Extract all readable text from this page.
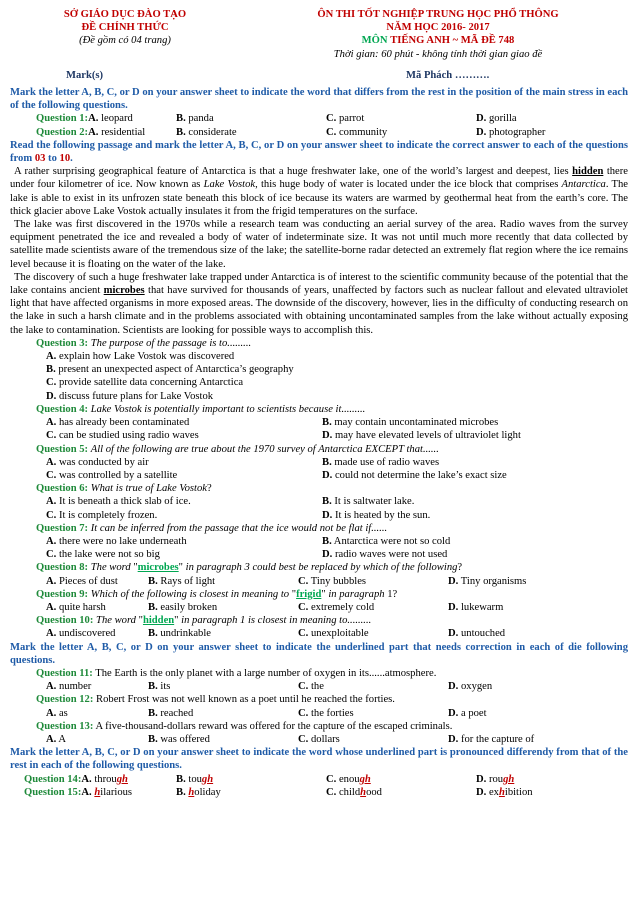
SỞ GIÁO DỤC ĐÀO TẠO
ĐỀ CHÍNH THỨC
(Đề gồm có 04 trang)
ÔN THI TỐT NGHIỆP TRUNG HỌC PHỔ THÔNG
NĂM HỌC 2016- 2017
MÔN TIẾNG ANH ~ MÃ ĐỀ 748
Thời gian: 60 phút - không tính thời gian giao đề
Mark(s)	Mã Phách ……….
Mark the letter A, B, C, or D on your answer sheet to indicate the word that differs from the rest in the position of the main stress in each of the following questions.
Question 1:A. leopard	B. panda	C. parrot	D. gorilla
Question 2:A. residential	B. considerate	C. community	D. photographer
Read the following passage and mark the letter A, B, C, or D on your answer sheet to indicate the correct answer to each of the questions from 03 to 10.
A rather surprising geographical feature of Antarctica is that a huge freshwater lake, one of the world’s largest and deepest, lies hidden there under four kilometrer of ice. Now known as Lake Vostok, this huge body of water is located under the ice block that comprises Antarctica. The lake is able to exist in its unfrozen state beneath this block of ice because its waters are warmed by geothermal heat from the earth’s core. The thick glacier above Lake Vostok actually insulates it from the frigid temperatures on the surface.
The lake was first discovered in the 1970s while a research team was conducting an aerial survey of the area. Radio waves from the survey equipment penetrated the ice and revealed a body of water of indeterminate size. It was not until much more recently that data collected by satellite made scientists aware of the tremendous size of the lake; the satellite-borne radar detected an extremely flat region where the ice remains level because it is floating on the water of the lake.
The discovery of such a huge freshwater lake trapped under Antarctica is of interest to the scientific community because of the potential that the lake contains ancient microbes that have survived for thousands of years, unaffected by factors such as nuclear fallout and elevated ultraviolet light that have affected organisms in more exposed areas. The downside of the discovery, however, lies in the difficulty of conducting research on the lake in such a harsh climate and in the problems associated with obtaining uncontaminated samples from the lake without actually exposing the lake to contamination. Scientists are looking for possible ways to accomplish this.
Question 3: The purpose of the passage is to.........
A. explain how Lake Vostok was discovered
B. present an unexpected aspect of Antarctica’s geography
C. provide satellite data concerning Antarctica
D. discuss future plans for Lake Vostok
Question 4: Lake Vostok is potentially important to scientists because it.........
A. has already been contaminated	B. may contain uncontaminated microbes
C. can be studied using radio waves	D. may have elevated levels of ultraviolet light
Question 5: All of the following are true about the 1970 survey of Antarctica EXCEPT that......
A. was conducted by air	B. made use of radio waves
C. was controlled by a satellite	D. could not determine the lake’s exact size
Question 6: What is true of Lake Vostok?
A. It is beneath a thick slab of ice.	B. It is saltwater lake.
C. It is completely frozen.	D. It is heated by the sun.
Question 7: It can be inferred from the passage that the ice would not be flat if......
A. there were no lake underneath	B. Antarctica were not so cold
C. the lake were not so big	D. radio waves were not used
Question 8: The word "microbes" in paragraph 3 could best be replaced by which of the following?
A. Pieces of dust	B. Rays of light	C. Tiny bubbles	D. Tiny organisms
Question 9: Which of the following is closest in meaning to "frigid" in paragraph 1?
A. quite harsh	B. easily broken	C. extremely cold	D. lukewarm
Question 10: The word "hidden" in paragraph 1 is closest in meaning to.........
A. undiscovered	B. undrinkable	C. unexploitable	D. untouched
Mark the letter A, B, C, or D on your answer sheet to indicate the underlined part that needs correction in each of die following questions.
Question 11: The Earth is the only planet with a large number of oxygen in its......atmosphere.
A. number	B. its	C. the	D. oxygen
Question 12: Robert Frost was not well known as a poet until he reached the forties.
A. as	B. reached	C. the forties	D. a poet
Question 13: A five-thousand-dollars reward was offered for the capture of the escaped criminals.
A. A	B. was offered	C. dollars	D. for the capture of
Mark the letter A, B, C, or D on your answer sheet to indicate the word whose underlined part is pronounced differendy from that of the rest in each of the following questions.
Question 14:A. through	B. tough	C. enough	D. rough
Question 15:A. hilarious	B. holiday	C. childhood	D. exhibition
